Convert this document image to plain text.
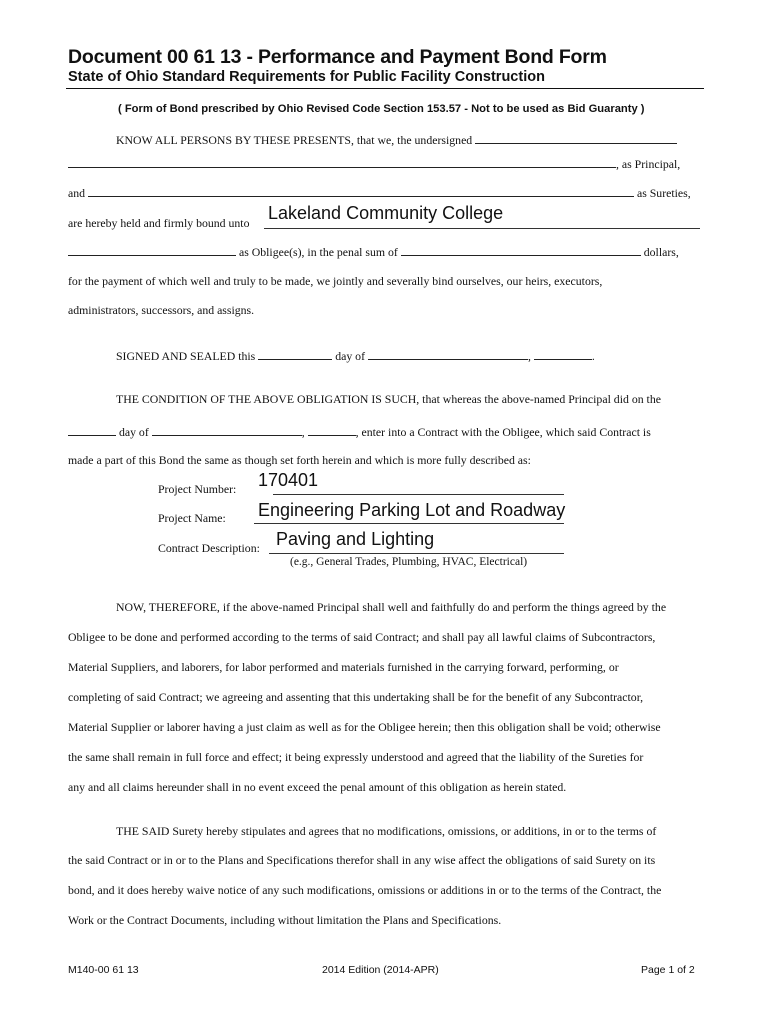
Document 00 61 13 - Performance and Payment Bond Form
State of Ohio Standard Requirements for Public Facility Construction
( Form of Bond prescribed by Ohio Revised Code Section 153.57 - Not to be used as Bid Guaranty )
KNOW ALL PERSONS BY THESE PRESENTS, that we, the undersigned
, as Principal,
and	as Sureties,
are hereby held and firmly bound unto Lakeland Community College
as Obligee(s), in the penal sum of	dollars,
for the payment of which well and truly to be made, we jointly and severally bind ourselves, our heirs, executors,
administrators, successors, and assigns.
SIGNED AND SEALED this	day of	,	.
THE CONDITION OF THE ABOVE OBLIGATION IS SUCH, that whereas the above-named Principal did on the
day of	,	, enter into a Contract with the Obligee, which said Contract is
made a part of this Bond the same as though set forth herein and which is more fully described as:
Project Number: 170401
Project Name: Engineering Parking Lot and Roadway
Contract Description: Paving and Lighting
(e.g., General Trades, Plumbing, HVAC, Electrical)
NOW, THEREFORE, if the above-named Principal shall well and faithfully do and perform the things agreed by the
Obligee to be done and performed according to the terms of said Contract; and shall pay all lawful claims of Subcontractors,
Material Suppliers, and laborers, for labor performed and materials furnished in the carrying forward, performing, or
completing of said Contract; we agreeing and assenting that this undertaking shall be for the benefit of any Subcontractor,
Material Supplier or laborer having a just claim as well as for the Obligee herein; then this obligation shall be void; otherwise
the same shall remain in full force and effect; it being expressly understood and agreed that the liability of the Sureties for
any and all claims hereunder shall in no event exceed the penal amount of this obligation as herein stated.
THE SAID Surety hereby stipulates and agrees that no modifications, omissions, or additions, in or to the terms of
the said Contract or in or to the Plans and Specifications therefor shall in any wise affect the obligations of said Surety on its
bond, and it does hereby waive notice of any such modifications, omissions or additions in or to the terms of the Contract, the
Work or the Contract Documents, including without limitation the Plans and Specifications.
M140-00 61 13	2014 Edition (2014-APR)	Page 1 of 2
